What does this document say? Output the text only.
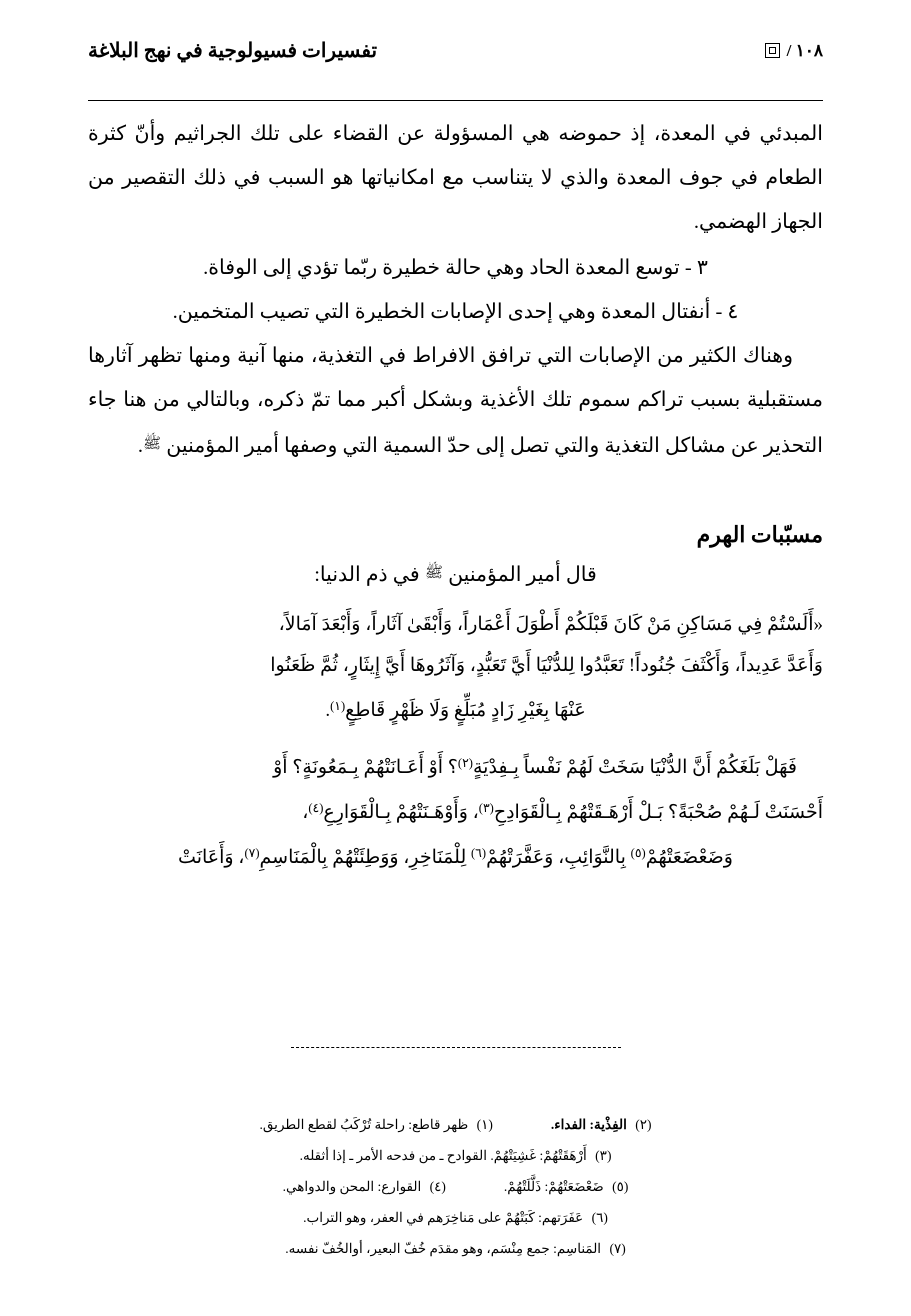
تفسيرات فسيولوجية في نهج البلاغة	١٠٨ /

المبدئي في المعدة، إذ حموضه هي المسؤولة عن القضاء على تلك الجراثيم وأنّ كثرة الطعام في جوف المعدة والذي لا يتناسب مع امكانياتها هو السبب في ذلك التقصير من الجهاز الهضمي.

٣ - توسع المعدة الحاد وهي حالة خطيرة ربّما تؤدي إلى الوفاة.

٤ - أنفتال المعدة وهي إحدى الإصابات الخطيرة التي تصيب المتخمين.

وهناك الكثير من الإصابات التي ترافق الافراط في التغذية، منها آنية ومنها تظهر آثارها مستقبلية بسبب تراكم سموم تلك الأغذية وبشكل أكبر مما تمّ ذكره، وبالتالي من هنا جاء التحذير عن مشاكل التغذية والتي تصل إلى حدّ السمية التي وصفها أمير المؤمنين ﷺ.

مسبّبات الهرم

قال أمير المؤمنين ﷺ في ذم الدنيا:

«أَلَسْتُمْ فِي مَسَاكِنِ مَنْ كَانَ قَبْلَكُمْ أَطْوَلَ أَعْمَاراً، وَأَبْقَىٰ آثَاراً، وَأَبْعَدَ آمَالاً،

وَأَعَدَّ عَدِيداً، وَأَكْثَفَ جُنُوداً! تَعَبَّدُوا لِلدُّنْيَا أَيَّ تَعَبُّدٍ، وَآثَرُوهَا أَيَّ إِيثَارٍ، ثُمَّ ظَعَنُوا

عَنْهَا بِغَيْرِ زَادٍ مُبَلِّغٍ وَلَا ظَهْرٍ قَاطِعٍ$^{(١)}$.

فَهَلْ بَلَغَكُمْ أَنَّ الدُّنْيَا سَخَتْ لَهُمْ نَفْساً بِـفِدْيَةٍ$^{(٢)}$؟ أَوْ أَعَـانَتْهُمْ بِـمَعُونَةٍ؟ أَوْ

أَحْسَنَتْ لَـهُمْ صُحْبَةً؟ بَـلْ أَرْهَـقَتْهُمْ بِـالْقَوَادِحِ$^{(٣)}$، وَأَوْهَـنَتْهُمْ بِـالْقَوَارِعِ$^{(٤)}$،

وَضَعْضَعَتْهُمْ$^{(٥)}$ بِالنَّوَائِبِ، وَعَفَّرَتْهُمْ$^{(٦)}$ لِلْمَنَاخِرِ، وَوَطِئَتْهُمْ بِالْمَنَاسِمِ$^{(٧)}$، وَأَعَانَتْ

(٢) الفِذْية: الفداء.
(١) ظهر قاطع: راحلة تُرْكَبُ لقطع الطريق.
(٣) أَرْهَقَتْهُمْ: غَشِيَتْهُمْ. القوادح ـ من فدحه الأمر ـ إذا أثقله.
(٥) ضَعْضَعَتْهُمْ: ذَلَّلَتْهُمْ.
(٤) القوارع: المحن والدواهي.
(٦) عَفَرَتهم: كَبَتْهُمْ على مَناخِرَهم في العفر، وهو التراب.
(٧) المَناسِم: جمع مِنْسَم، وهو مقدَم خُفّ البعير، أوالخُفّ نفسه.
